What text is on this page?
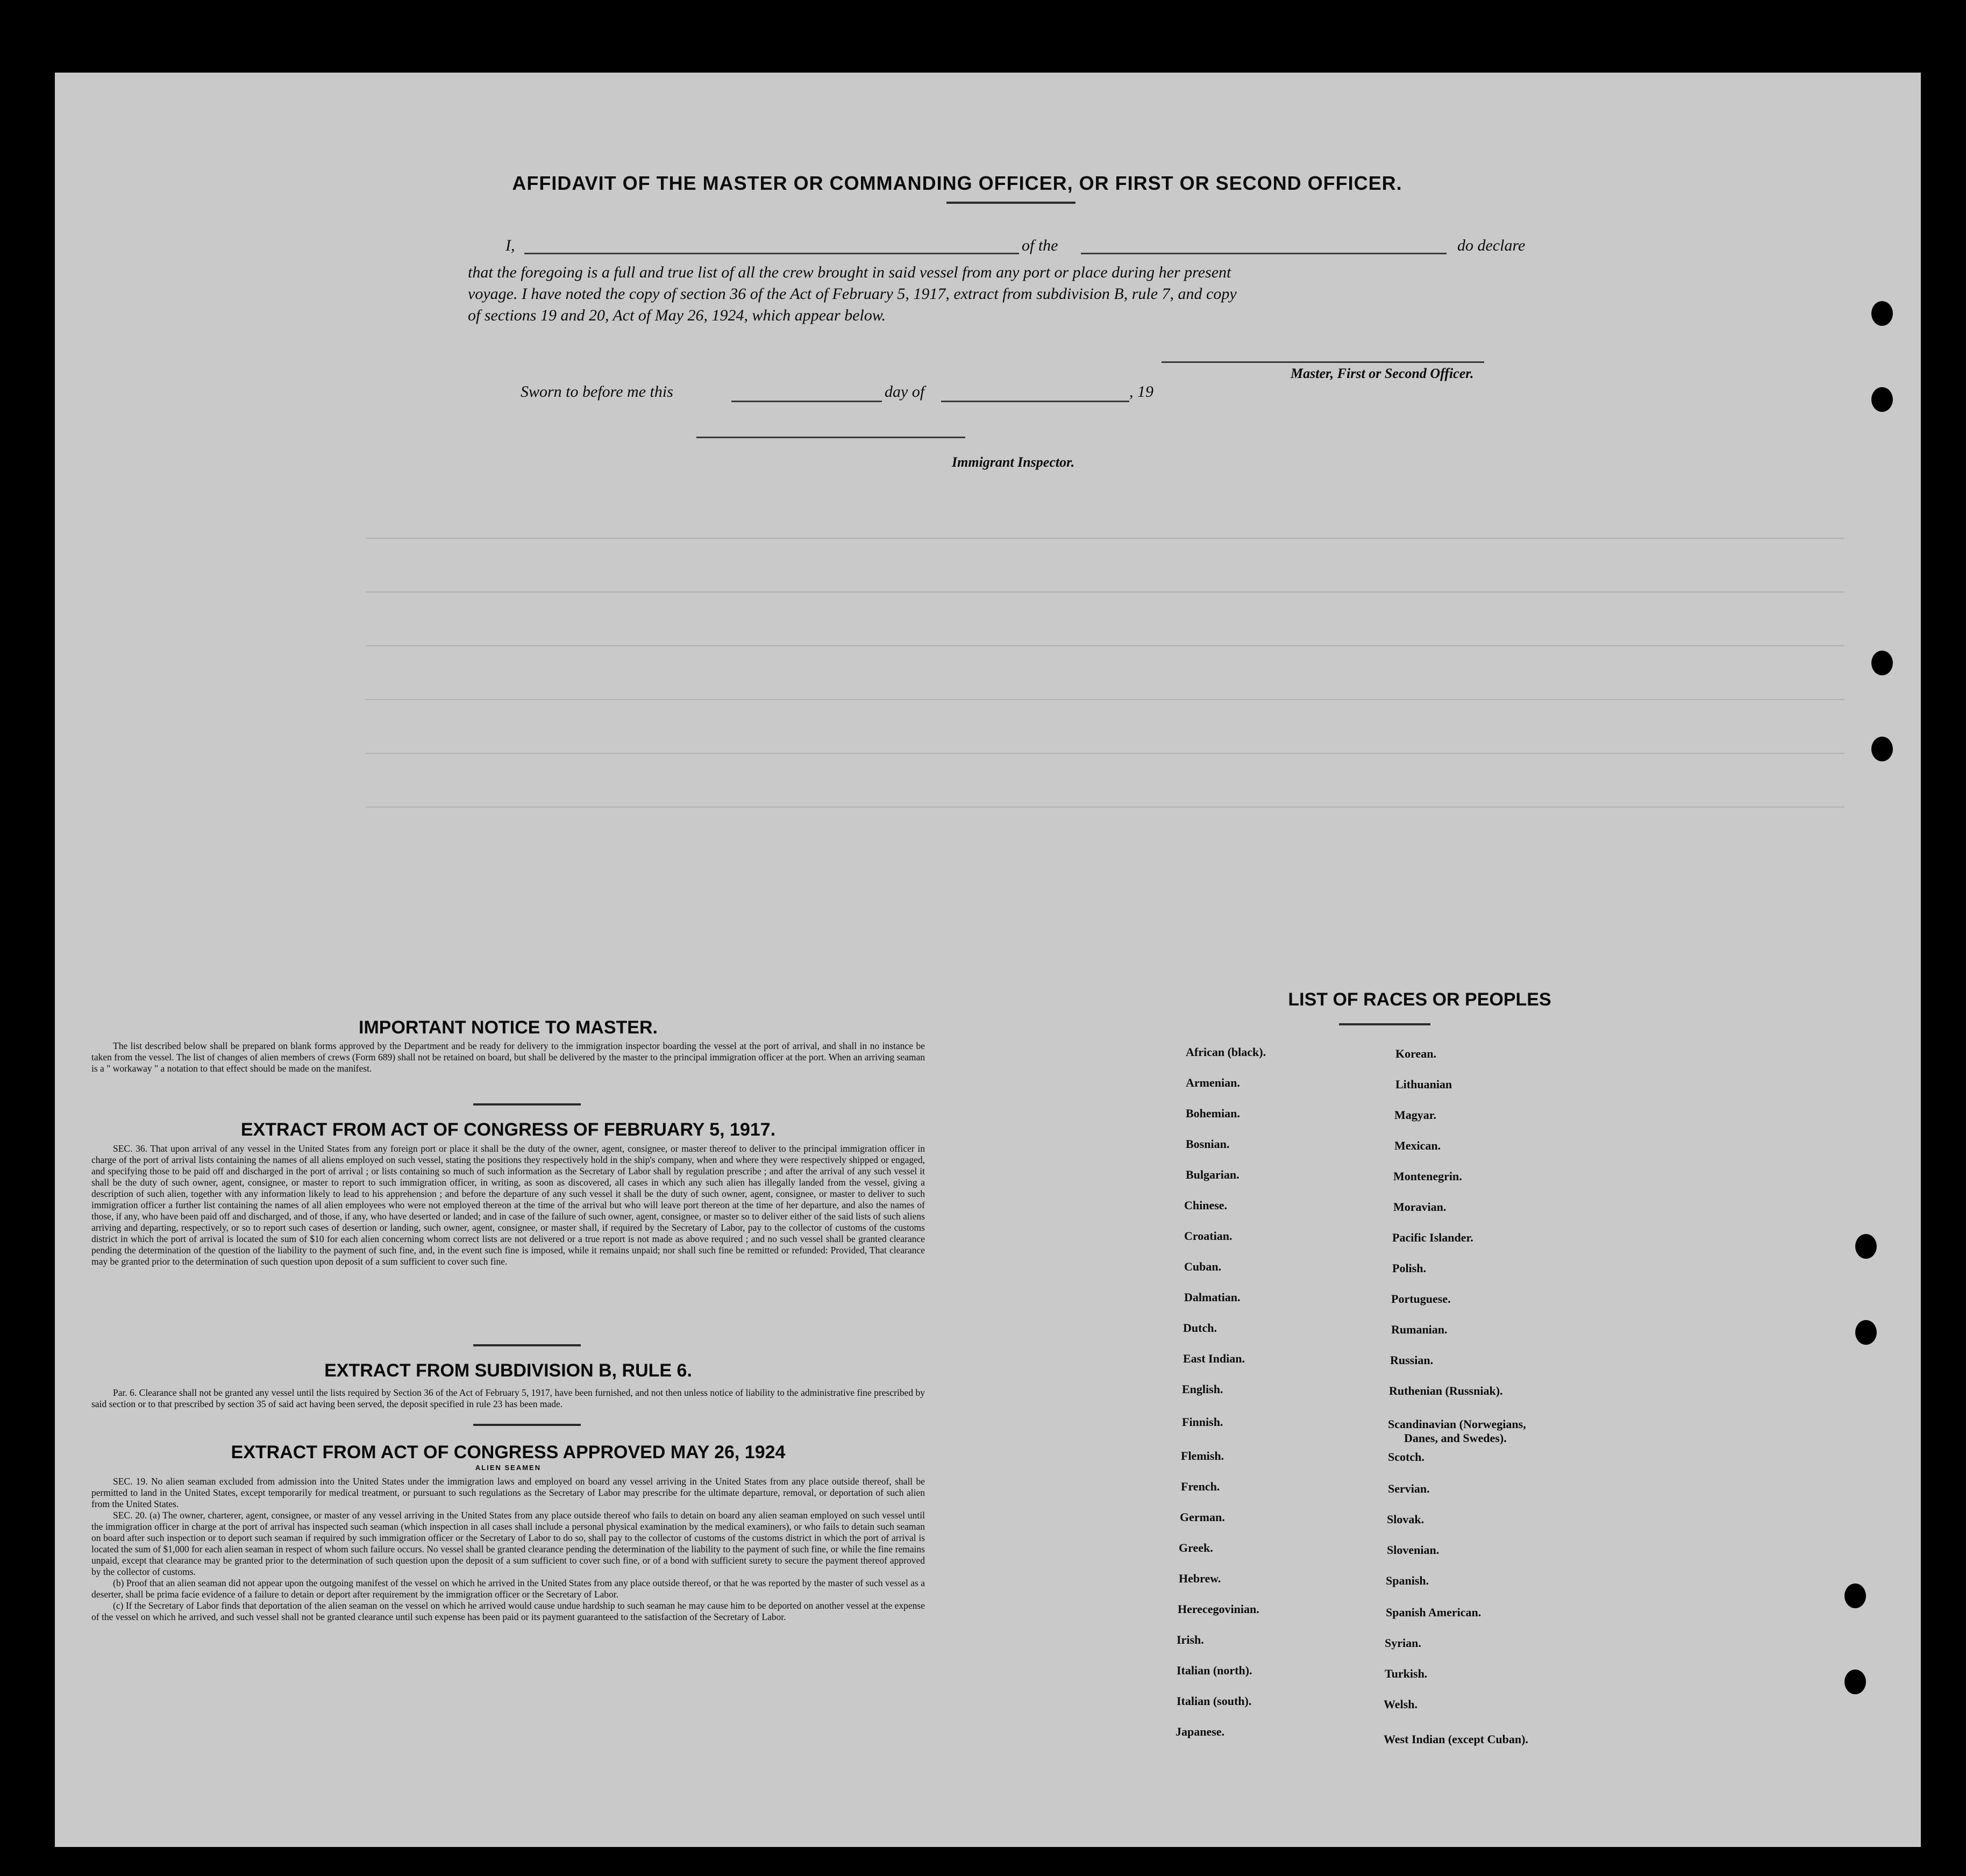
AFFIDAVIT OF THE MASTER OR COMMANDING OFFICER, OR FIRST OR SECOND OFFICER.
I,	of the	do declare
that the foregoing is a full and true list of all the crew brought in said vessel from any port or place during her present
voyage. I have noted the copy of section 36 of the Act of February 5, 1917, extract from subdivision B, rule 7, and copy
of sections 19 and 20, Act of May 26, 1924, which appear below.
Master, First or Second Officer.
Sworn to before me this	day of	, 19
Immigrant Inspector.
IMPORTANT NOTICE TO MASTER.

The list described below shall be prepared on blank forms approved by the Department and be ready for delivery to the immigration inspector boarding the vessel at the port of arrival, and shall in no instance be taken from the vessel. The list of changes of alien members of crews (Form 689) shall not be retained on board, but shall be delivered by the master to the principal immigration officer at the port. When an arriving seaman is a " workaway " a notation to that effect should be made on the manifest.

EXTRACT FROM ACT OF CONGRESS OF FEBRUARY 5, 1917.

SEC. 36. That upon arrival of any vessel in the United States from any foreign port or place it shall be the duty of the owner, agent, consignee, or master thereof to deliver to the principal immigration officer in charge of the port of arrival lists containing the names of all aliens employed on such vessel, stating the positions they respectively hold in the ship's company, when and where they were respectively shipped or engaged, and specifying those to be paid off and discharged in the port of arrival ; or lists containing so much of such information as the Secretary of Labor shall by regulation prescribe ; and after the arrival of any such vessel it shall be the duty of such owner, agent, consignee, or master to report to such immigration officer, in writing, as soon as discovered, all cases in which any such alien has illegally landed from the vessel, giving a description of such alien, together with any information likely to lead to his apprehension ; and before the departure of any such vessel it shall be the duty of such owner, agent, consignee, or master to deliver to such immigration officer a further list containing the names of all alien employees who were not employed thereon at the time of the arrival but who will leave port thereon at the time of her departure, and also the names of those, if any, who have been paid off and discharged, and of those, if any, who have deserted or landed; and in case of the failure of such owner, agent, consignee, or master so to deliver either of the said lists of such aliens arriving and departing, respectively, or so to report such cases of desertion or landing, such owner, agent, consignee, or master shall, if required by the Secretary of Labor, pay to the collector of customs of the customs district in which the port of arrival is located the sum of $10 for each alien concerning whom correct lists are not delivered or a true report is not made as above required ; and no such vessel shall be granted clearance pending the determination of the question of the liability to the payment of such fine, and, in the event such fine is imposed, while it remains unpaid; nor shall such fine be remitted or refunded: Provided, That clearance may be granted prior to the determination of such question upon deposit of a sum sufficient to cover such fine.

EXTRACT FROM SUBDIVISION B, RULE 6.

Par. 6. Clearance shall not be granted any vessel until the lists required by Section 36 of the Act of February 5, 1917, have been furnished, and not then unless notice of liability to the administrative fine prescribed by said section or to that prescribed by section 35 of said act having been served, the deposit specified in rule 23 has been made.

EXTRACT FROM ACT OF CONGRESS APPROVED MAY 26, 1924
ALIEN SEAMEN

SEC. 19. No alien seaman excluded from admission into the United States under the immigration laws and employed on board any vessel arriving in the United States from any place outside thereof, shall be permitted to land in the United States, except temporarily for medical treatment, or pursuant to such regulations as the Secretary of Labor may prescribe for the ultimate departure, removal, or deportation of such alien from the United States.

SEC. 20. (a) The owner, charterer, agent, consignee, or master of any vessel arriving in the United States from any place outside thereof who fails to detain on board any alien seaman employed on such vessel until the immigration officer in charge at the port of arrival has inspected such seaman (which inspection in all cases shall include a personal physical examination by the medical examiners), or who fails to detain such seaman on board after such inspection or to deport such seaman if required by such immigration officer or the Secretary of Labor to do so, shall pay to the collector of customs of the customs district in which the port of arrival is located the sum of $1,000 for each alien seaman in respect of whom such failure occurs. No vessel shall be granted clearance pending the determination of the liability to the payment of such fine, or while the fine remains unpaid, except that clearance may be granted prior to the determination of such question upon the deposit of a sum sufficient to cover such fine, or of a bond with sufficient surety to secure the payment thereof approved by the collector of customs.

(b) Proof that an alien seaman did not appear upon the outgoing manifest of the vessel on which he arrived in the United States from any place outside thereof, or that he was reported by the master of such vessel as a deserter, shall be prima facie evidence of a failure to detain or deport after requirement by the immigration officer or the Secretary of Labor.

(c) If the Secretary of Labor finds that deportation of the alien seaman on the vessel on which he arrived would cause undue hardship to such seaman he may cause him to be deported on another vessel at the expense of the vessel on which he arrived, and such vessel shall not be granted clearance until such expense has been paid or its payment guaranteed to the satisfaction of the Secretary of Labor.

LIST OF RACES OR PEOPLES
African (black).
Armenian.
Bohemian.
Bosnian.
Bulgarian.
Chinese.
Croatian.
Cuban.
Dalmatian.
Dutch.
East Indian.
English.
Finnish.
Flemish.
French.
German.
Greek.
Hebrew.
Herecegovinian.
Irish.
Italian (north).
Italian (south).
Japanese.
Korean.
Lithuanian
Magyar.
Mexican.
Montenegrin.
Moravian.
Pacific Islander.
Polish.
Portuguese.
Rumanian.
Russian.
Ruthenian (Russniak).
Scandinavian (Norwegians,
Danes, and Swedes).
Scotch.
Servian.
Slovak.
Slovenian.
Spanish.
Spanish American.
Syrian.
Turkish.
Welsh.
West Indian (except Cuban).
